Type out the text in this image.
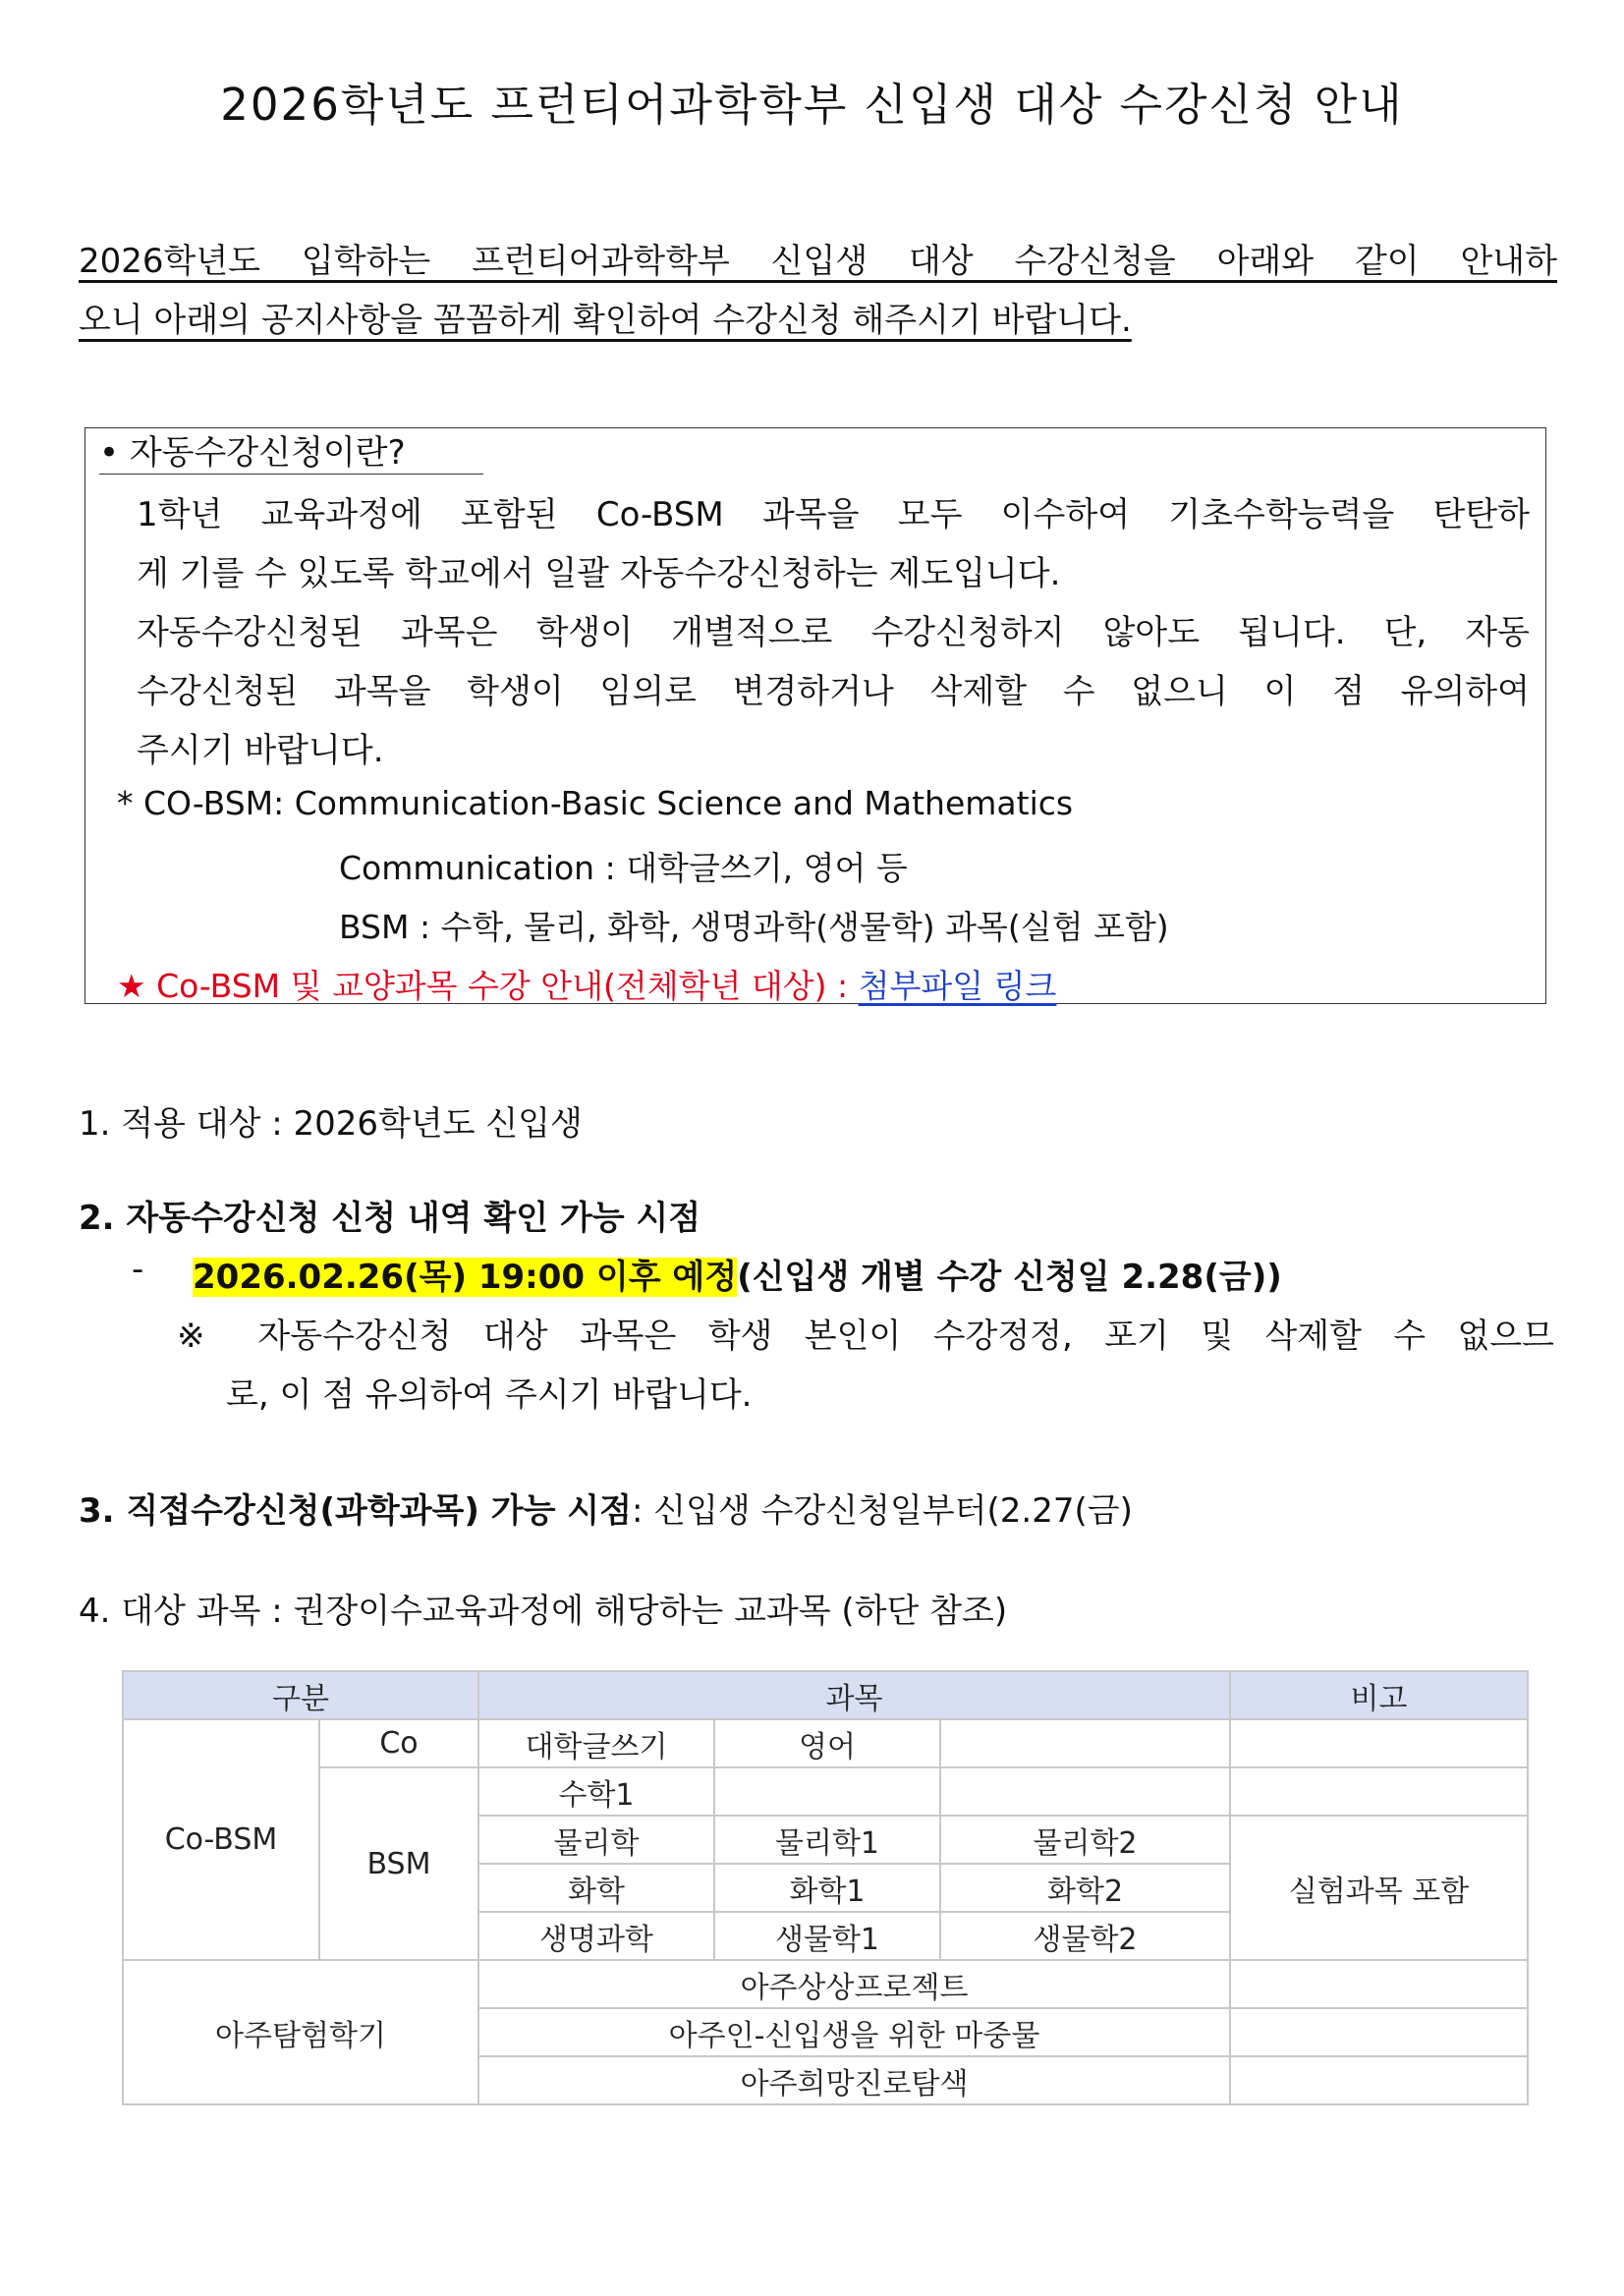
2026학년도 프런티어과학학부 신입생 대상 수강신청 안내

2026학년도 입학하는 프런티어과학학부 신입생 대상 수강신청을 아래와 같이 안내하

오니 아래의 공지사항을 꼼꼼하게 확인하여 수강신청 해주시기 바랍니다.

• 자동수강신청이란?
1학년 교육과정에 포함된 Co-BSM 과목을 모두 이수하여 기초수학능력을 탄탄하
게 기를 수 있도록 학교에서 일괄 자동수강신청하는 제도입니다.
자동수강신청된 과목은 학생이 개별적으로 수강신청하지 않아도 됩니다. 단, 자동
수강신청된 과목을 학생이 임의로 변경하거나 삭제할 수 없으니 이 점 유의하여
주시기 바랍니다.
* CO-BSM: Communication-Basic Science and Mathematics
Communication : 대학글쓰기, 영어 등
BSM : 수학, 물리, 화학, 생명과학(생물학) 과목(실험 포함)
★ Co-BSM 및 교양과목 수강 안내(전체학년 대상) : 첨부파일 링크
1. 적용 대상 : 2026학년도 신입생
2. 자동수강신청 신청 내역 확인 가능 시점
- 2026.02.26(목) 19:00 이후 예정(신입생 개별 수강 신청일 2.28(금))
※ 자동수강신청 대상 과목은 학생 본인이 수강정정, 포기 및 삭제할 수 없으므
로, 이 점 유의하여 주시기 바랍니다.
3. 직접수강신청(과학과목) 가능 시점: 신입생 수강신청일부터(2.27(금)
4. 대상 과목 : 권장이수교육과정에 해당하는 교과목 (하단 참조)
구분		과목			비고
Co-BSM	Co	대학글쓰기	영어		
	BSM	수학1			
		물리학	물리학1	물리학2	실험과목 포함
		화학	화학1	화학2	
		생명과학	생물학1	생물학2	
아주탐험학기		아주상상프로젝트			
		아주인-신입생을 위한 마중물			
		아주희망진로탐색			
